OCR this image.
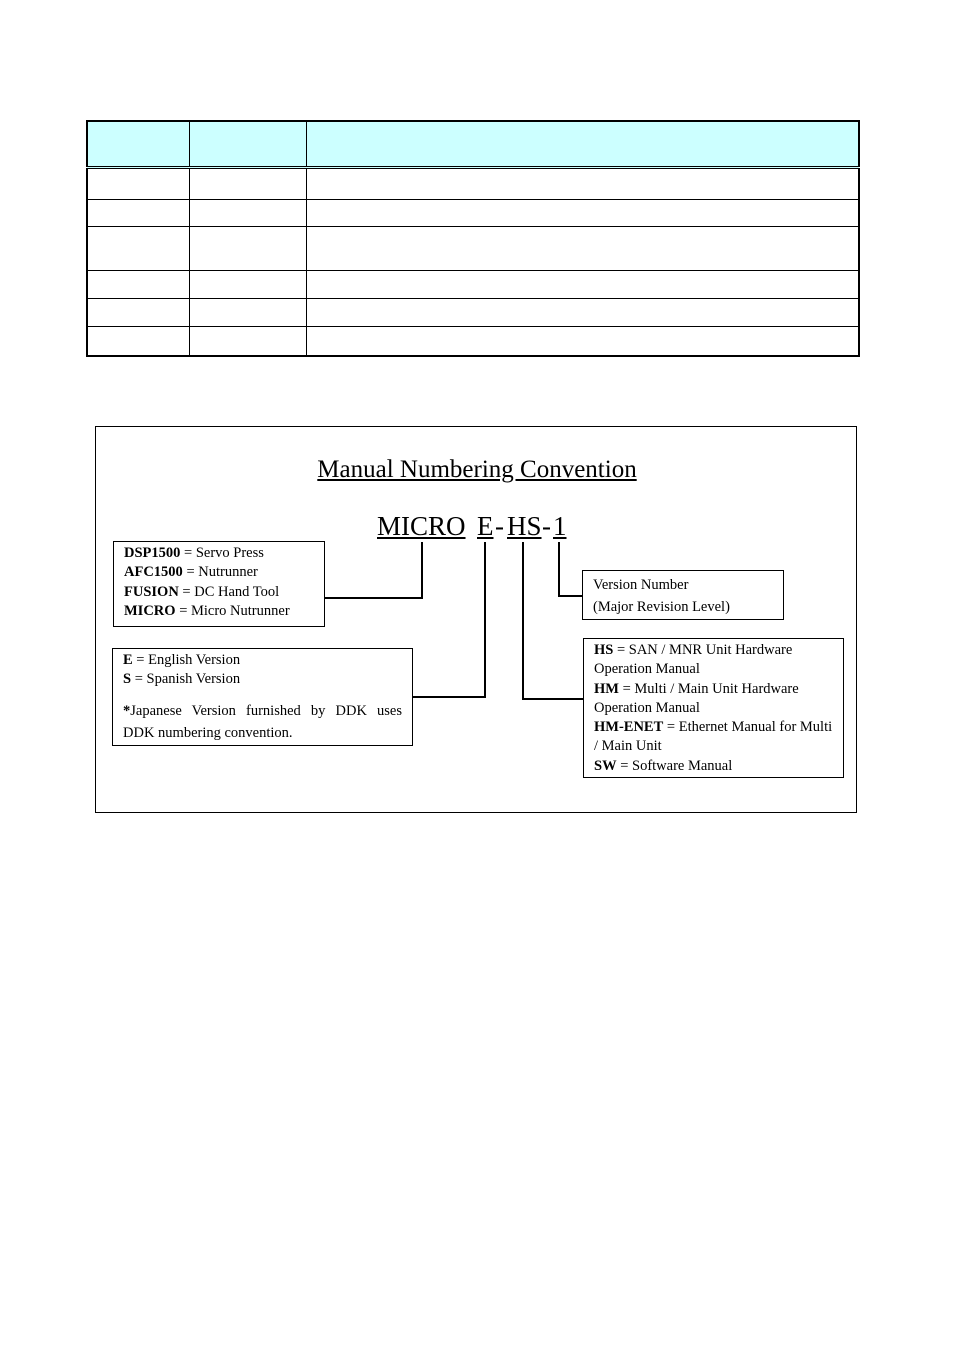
Manual Numbering Convention
MICRO E - HS - 1
DSP1500 = Servo Press
AFC1500 = Nutrunner
FUSION = DC Hand Tool
MICRO = Micro Nutrunner
E = English Version
S = Spanish Version
*Japanese Version furnished by DDK uses DDK numbering convention.
Version Number
(Major Revision Level)
HS = SAN / MNR Unit Hardware Operation Manual
HM = Multi / Main Unit Hardware Operation Manual
HM-ENET = Ethernet Manual for Multi / Main Unit
SW = Software Manual
